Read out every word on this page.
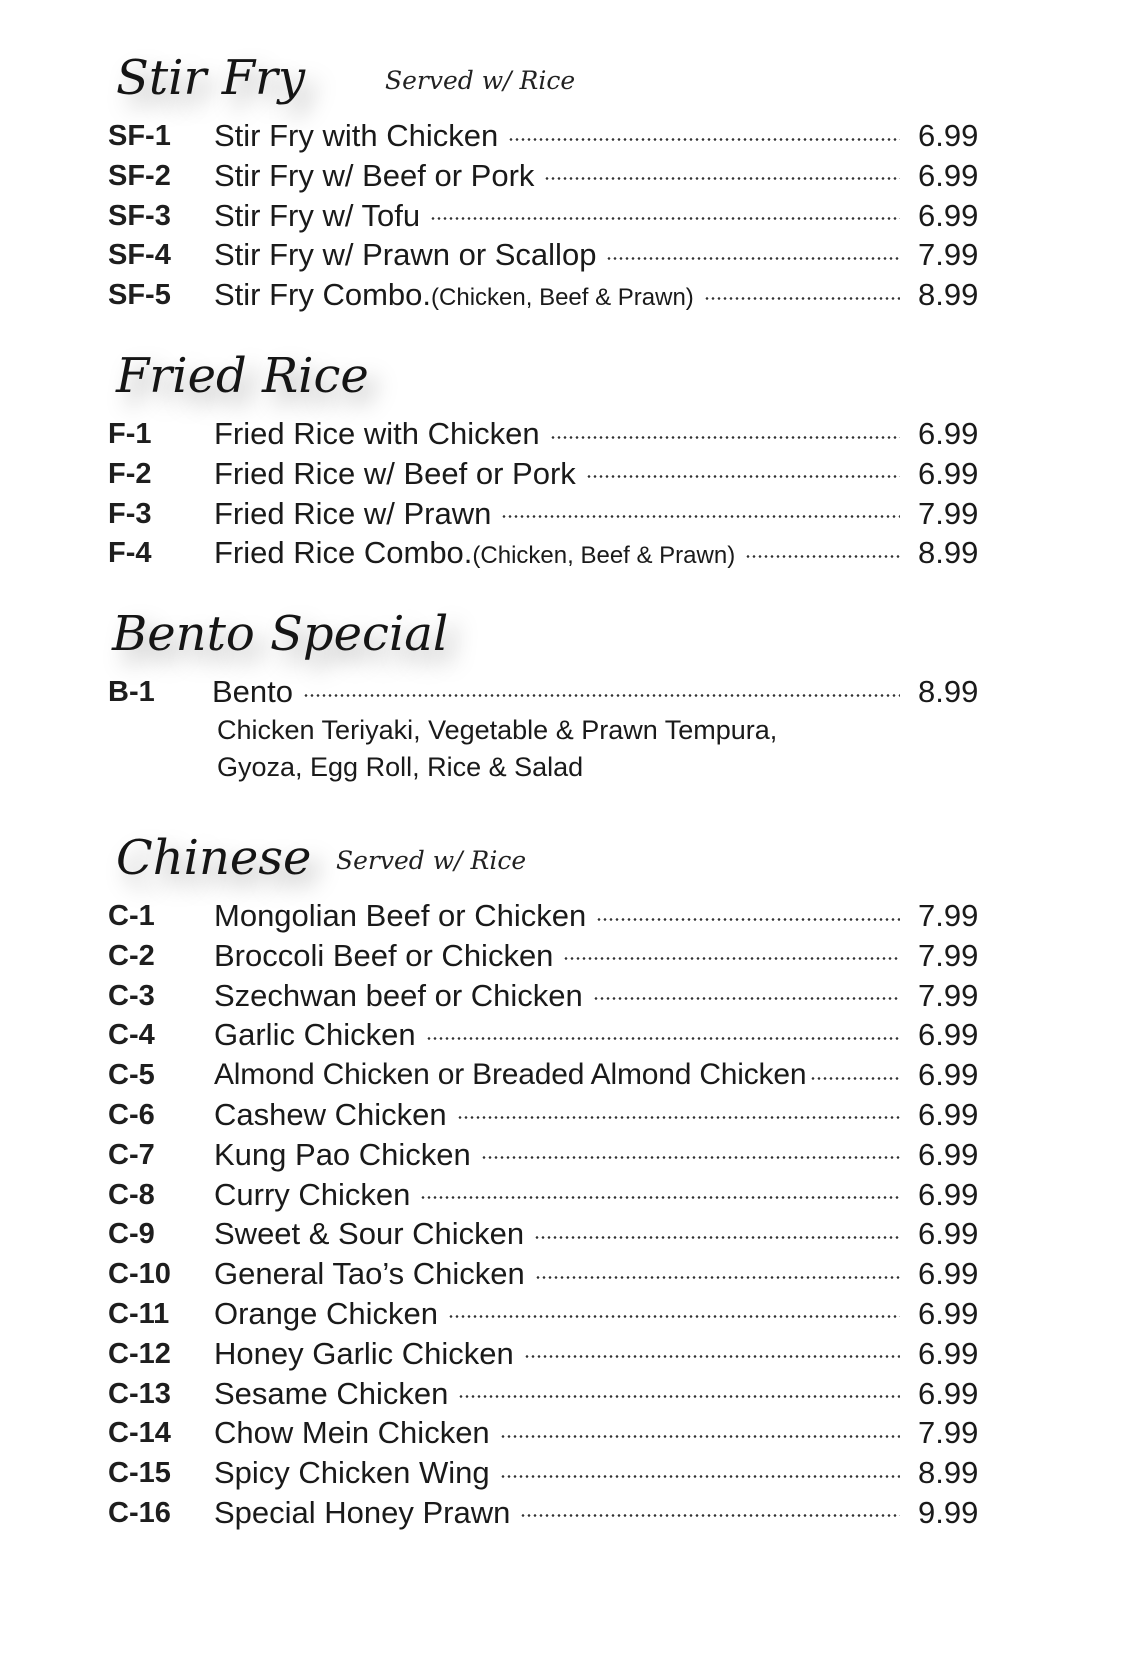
Stir Fry	Served w/ Rice
SF-1 Stir Fry with Chicken	6.99
SF-2 Stir Fry w/ Beef or Pork	6.99
SF-3 Stir Fry w/ Tofu	6.99
SF-4 Stir Fry w/ Prawn or Scallop	7.99
SF-5 Stir Fry Combo.(Chicken, Beef & Prawn)	8.99
Fried Rice
F-1 Fried Rice with Chicken	6.99
F-2 Fried Rice w/ Beef or Pork	6.99
F-3 Fried Rice w/ Prawn	7.99
F-4 Fried Rice Combo.(Chicken, Beef & Prawn)	8.99
Bento Special
B-1 Bento	8.99
Chicken Teriyaki, Vegetable & Prawn Tempura,
Gyoza, Egg Roll, Rice & Salad
Chinese Served w/ Rice
C-1 Mongolian Beef or Chicken	7.99
C-2 Broccoli Beef or Chicken	7.99
C-3 Szechwan beef or Chicken	7.99
C-4 Garlic Chicken	6.99
C-5 Almond Chicken or Breaded Almond Chicken	6.99
C-6 Cashew Chicken	6.99
C-7 Kung Pao Chicken	6.99
C-8 Curry Chicken	6.99
C-9 Sweet & Sour Chicken	6.99
C-10 General Tao’s Chicken	6.99
C-11 Orange Chicken	6.99
C-12 Honey Garlic Chicken	6.99
C-13 Sesame Chicken	6.99
C-14 Chow Mein Chicken	7.99
C-15 Spicy Chicken Wing	8.99
C-16 Special Honey Prawn	9.99
